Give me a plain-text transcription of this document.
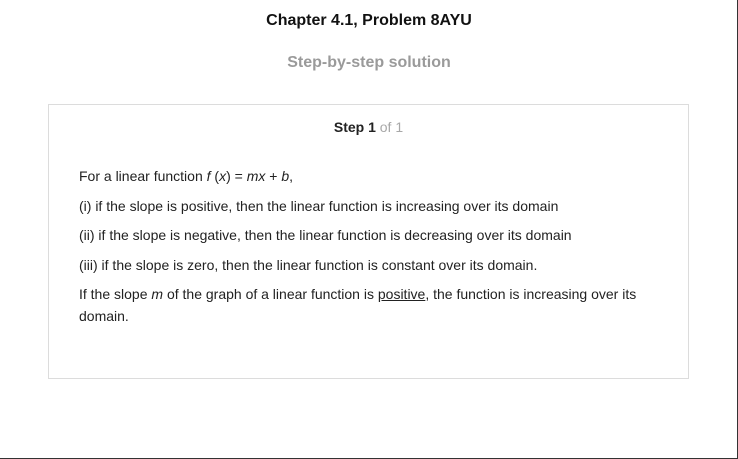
Chapter 4.1, Problem 8AYU
Step-by-step solution
Step 1 of 1

For a linear function f (x) = mx + b,

(i) if the slope is positive, then the linear function is increasing over its domain

(ii) if the slope is negative, then the linear function is decreasing over its domain

(iii) if the slope is zero, then the linear function is constant over its domain.

If the slope m of the graph of a linear function is positive, the function is increasing over its domain.
